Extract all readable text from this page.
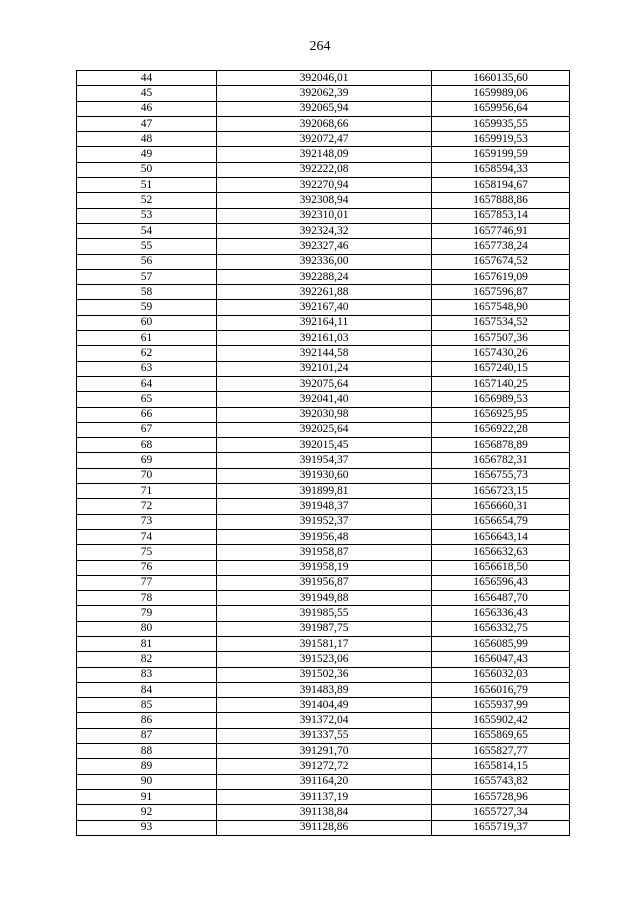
264
44	392046,01	1660135,60
45	392062,39	1659989,06
46	392065,94	1659956,64
47	392068,66	1659935,55
48	392072,47	1659919,53
49	392148,09	1659199,59
50	392222,08	1658594,33
51	392270,94	1658194,67
52	392308,94	1657888,86
53	392310,01	1657853,14
54	392324,32	1657746,91
55	392327,46	1657738,24
56	392336,00	1657674,52
57	392288,24	1657619,09
58	392261,88	1657596,87
59	392167,40	1657548,90
60	392164,11	1657534,52
61	392161,03	1657507,36
62	392144,58	1657430,26
63	392101,24	1657240,15
64	392075,64	1657140,25
65	392041,40	1656989,53
66	392030,98	1656925,95
67	392025,64	1656922,28
68	392015,45	1656878,89
69	391954,37	1656782,31
70	391930,60	1656755,73
71	391899,81	1656723,15
72	391948,37	1656660,31
73	391952,37	1656654,79
74	391956,48	1656643,14
75	391958,87	1656632,63
76	391958,19	1656618,50
77	391956,87	1656596,43
78	391949,88	1656487,70
79	391985,55	1656336,43
80	391987,75	1656332,75
81	391581,17	1656085,99
82	391523,06	1656047,43
83	391502,36	1656032,03
84	391483,89	1656016,79
85	391404,49	1655937,99
86	391372,04	1655902,42
87	391337,55	1655869,65
88	391291,70	1655827,77
89	391272,72	1655814,15
90	391164,20	1655743,82
91	391137,19	1655728,96
92	391138,84	1655727,34
93	391128,86	1655719,37
